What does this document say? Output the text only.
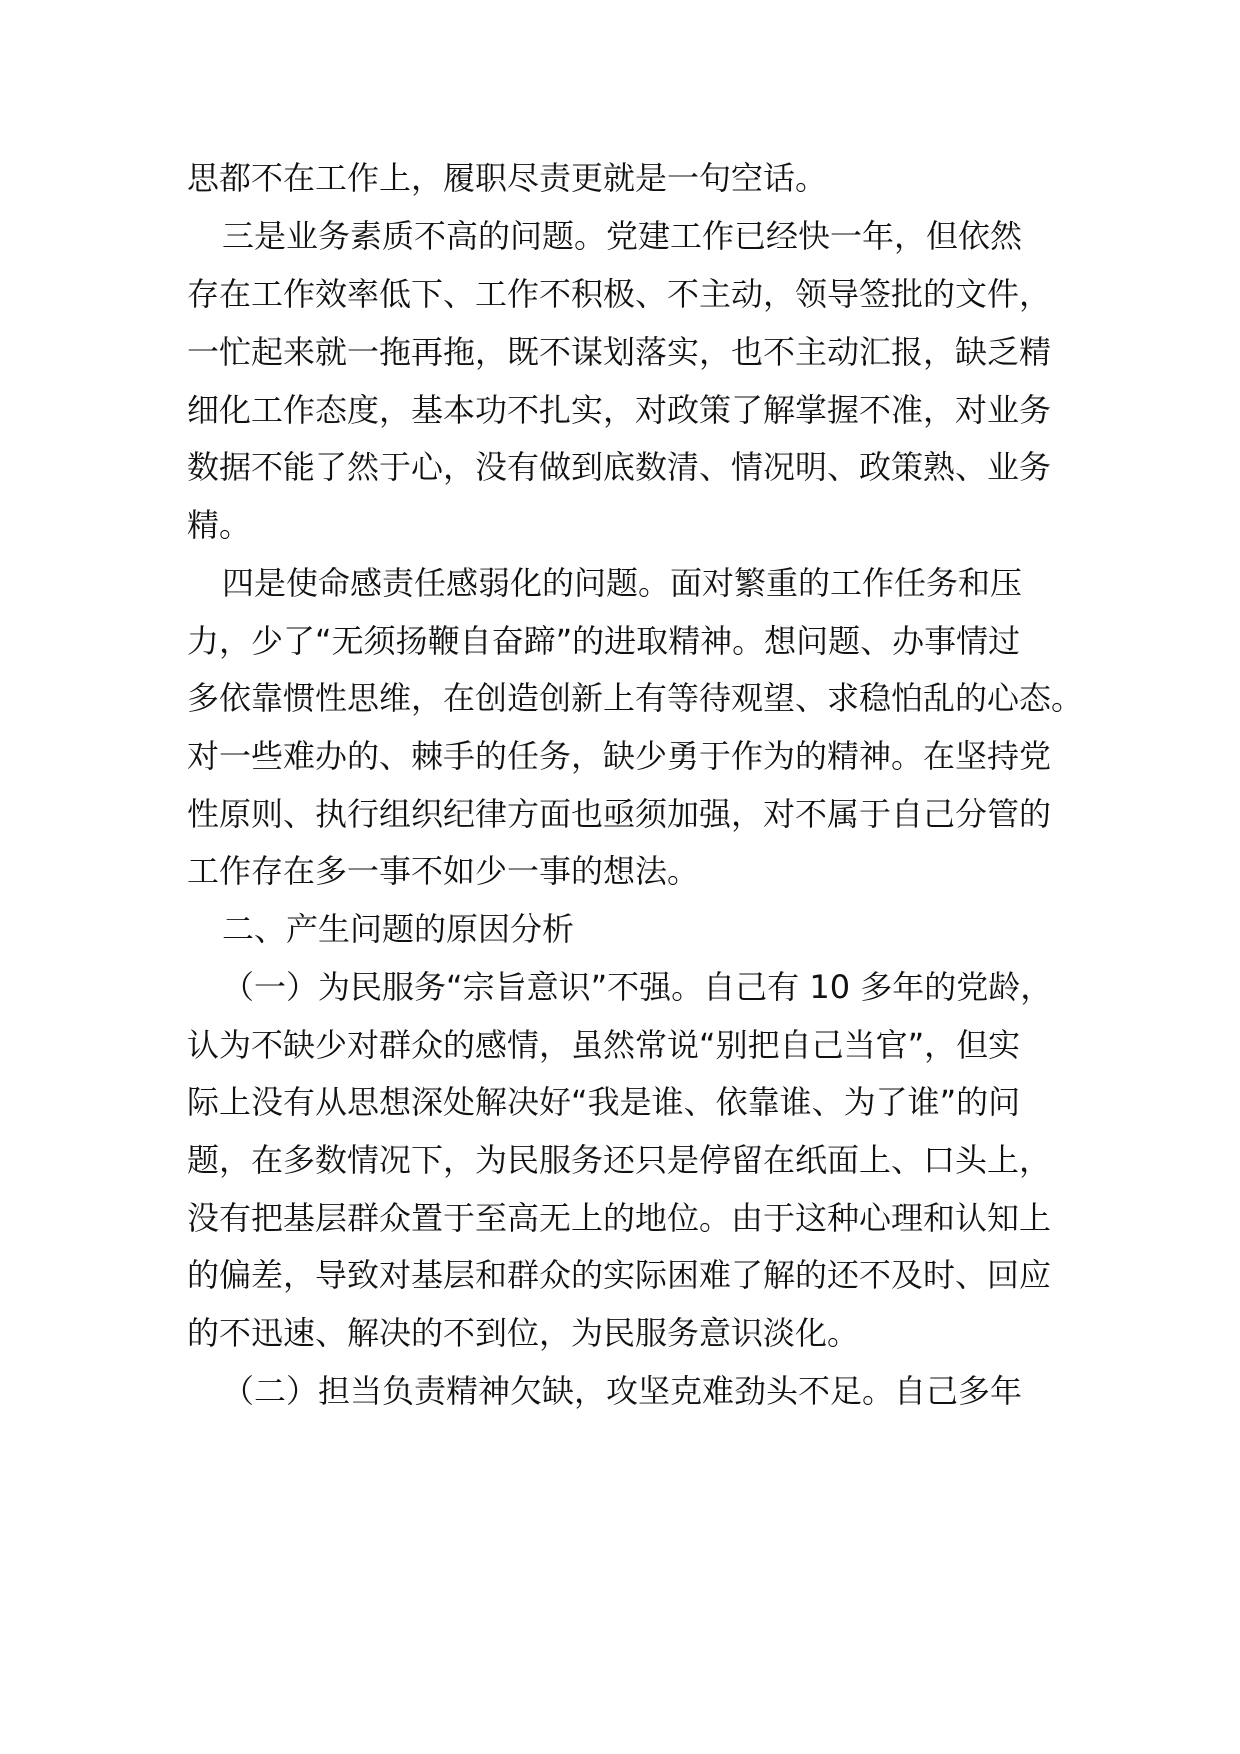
思都不在工作上，履职尽责更就是一句空话。
三是业务素质不高的问题。党建工作已经快一年，但依然
存在工作效率低下、工作不积极、不主动，领导签批的文件，
一忙起来就一拖再拖，既不谋划落实，也不主动汇报，缺乏精
细化工作态度，基本功不扎实，对政策了解掌握不准，对业务
数据不能了然于心，没有做到底数清、情况明、政策熟、业务
精。
四是使命感责任感弱化的问题。面对繁重的工作任务和压
力，少了“无须扬鞭自奋蹄”的进取精神。想问题、办事情过
多依靠惯性思维，在创造创新上有等待观望、求稳怕乱的心态。
对一些难办的、棘手的任务，缺少勇于作为的精神。在坚持党
性原则、执行组织纪律方面也亟须加强，对不属于自己分管的
工作存在多一事不如少一事的想法。
二、产生问题的原因分析
（一）为民服务“宗旨意识”不强。自己有 10 多年的党龄，
认为不缺少对群众的感情，虽然常说“别把自己当官”，但实
际上没有从思想深处解决好“我是谁、依靠谁、为了谁”的问
题，在多数情况下，为民服务还只是停留在纸面上、口头上，
没有把基层群众置于至高无上的地位。由于这种心理和认知上
的偏差，导致对基层和群众的实际困难了解的还不及时、回应
的不迅速、解决的不到位，为民服务意识淡化。
（二）担当负责精神欠缺，攻坚克难劲头不足。自己多年
